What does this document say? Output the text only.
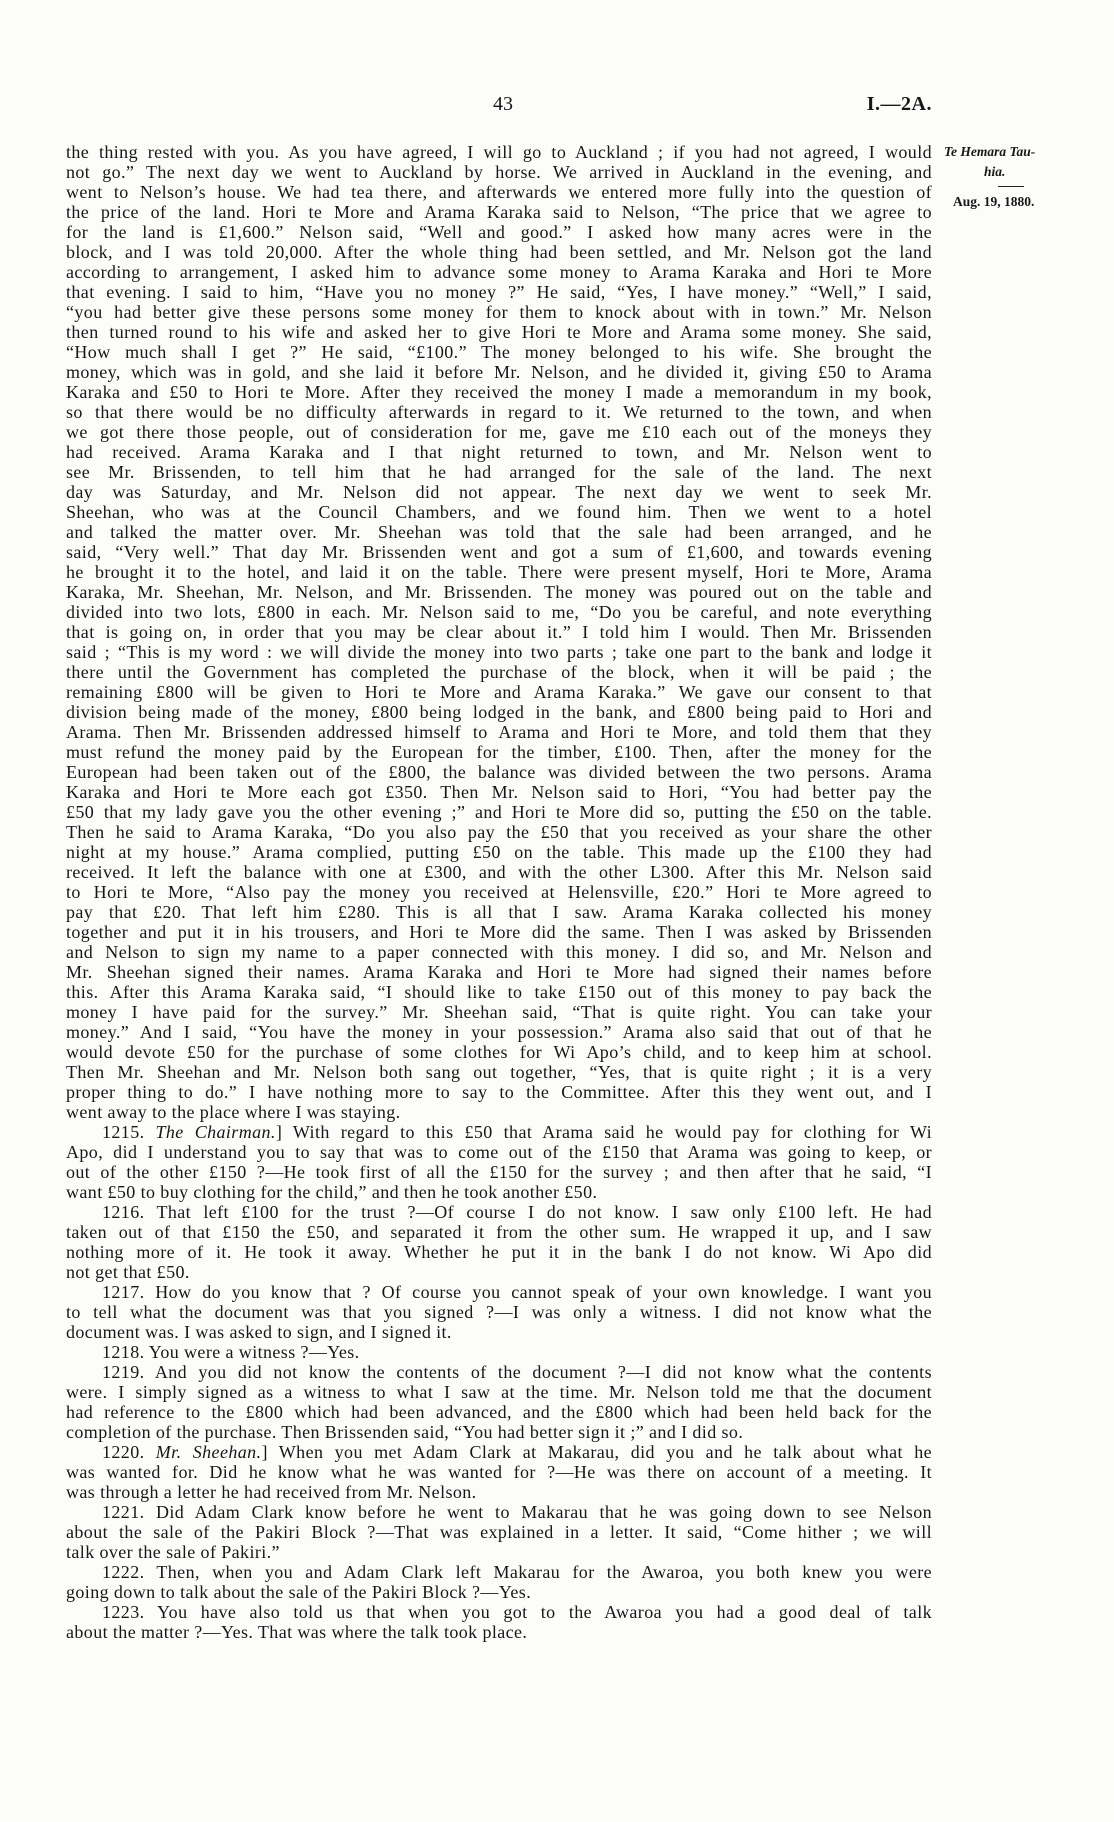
43	I.—2A.
Te Hemara Tau-
hia.
Aug. 19, 1880.
the thing rested with you. As you have agreed, I will go to Auckland ; if you had not agreed, I would
not go.” The next day we went to Auckland by horse. We arrived in Auckland in the evening, and
went to Nelson’s house. We had tea there, and afterwards we entered more fully into the question of
the price of the land. Hori te More and Arama Karaka said to Nelson, “The price that we agree to
for the land is £1,600.” Nelson said, “Well and good.” I asked how many acres were in the
block, and I was told 20,000. After the whole thing had been settled, and Mr. Nelson got the land
according to arrangement, I asked him to advance some money to Arama Karaka and Hori te More
that evening. I said to him, “Have you no money ?” He said, “Yes, I have money.” “Well,” I said,
“you had better give these persons some money for them to knock about with in town.” Mr. Nelson
then turned round to his wife and asked her to give Hori te More and Arama some money. She said,
“How much shall I get ?” He said, “£100.” The money belonged to his wife. She brought the
money, which was in gold, and she laid it before Mr. Nelson, and he divided it, giving £50 to Arama
Karaka and £50 to Hori te More. After they received the money I made a memorandum in my book,
so that there would be no difficulty afterwards in regard to it. We returned to the town, and when
we got there those people, out of consideration for me, gave me £10 each out of the moneys they
had received. Arama Karaka and I that night returned to town, and Mr. Nelson went to
see Mr. Brissenden, to tell him that he had arranged for the sale of the land. The next
day was Saturday, and Mr. Nelson did not appear. The next day we went to seek Mr.
Sheehan, who was at the Council Chambers, and we found him. Then we went to a hotel
and talked the matter over. Mr. Sheehan was told that the sale had been arranged, and he
said, “Very well.” That day Mr. Brissenden went and got a sum of £1,600, and towards evening
he brought it to the hotel, and laid it on the table. There were present myself, Hori te More, Arama
Karaka, Mr. Sheehan, Mr. Nelson, and Mr. Brissenden. The money was poured out on the table and
divided into two lots, £800 in each. Mr. Nelson said to me, “Do you be careful, and note everything
that is going on, in order that you may be clear about it.” I told him I would. Then Mr. Brissenden
said ; “This is my word : we will divide the money into two parts ; take one part to the bank and lodge it
there until the Government has completed the purchase of the block, when it will be paid ; the
remaining £800 will be given to Hori te More and Arama Karaka.” We gave our consent to that
division being made of the money, £800 being lodged in the bank, and £800 being paid to Hori and
Arama. Then Mr. Brissenden addressed himself to Arama and Hori te More, and told them that they
must refund the money paid by the European for the timber, £100. Then, after the money for the
European had been taken out of the £800, the balance was divided between the two persons. Arama
Karaka and Hori te More each got £350. Then Mr. Nelson said to Hori, “You had better pay the
£50 that my lady gave you the other evening ;” and Hori te More did so, putting the £50 on the table.
Then he said to Arama Karaka, “Do you also pay the £50 that you received as your share the other
night at my house.” Arama complied, putting £50 on the table. This made up the £100 they had
received. It left the balance with one at £300, and with the other L300. After this Mr. Nelson said
to Hori te More, “Also pay the money you received at Helensville, £20.” Hori te More agreed to
pay that £20. That left him £280. This is all that I saw. Arama Karaka collected his money
together and put it in his trousers, and Hori te More did the same. Then I was asked by Brissenden
and Nelson to sign my name to a paper connected with this money. I did so, and Mr. Nelson and
Mr. Sheehan signed their names. Arama Karaka and Hori te More had signed their names before
this. After this Arama Karaka said, “I should like to take £150 out of this money to pay back the
money I have paid for the survey.” Mr. Sheehan said, “That is quite right. You can take your
money.” And I said, “You have the money in your possession.” Arama also said that out of that he
would devote £50 for the purchase of some clothes for Wi Apo’s child, and to keep him at school.
Then Mr. Sheehan and Mr. Nelson both sang out together, “Yes, that is quite right ; it is a very
proper thing to do.” I have nothing more to say to the Committee. After this they went out, and I
went away to the place where I was staying.
1215. The Chairman.] With regard to this £50 that Arama said he would pay for clothing for Wi
Apo, did I understand you to say that was to come out of the £150 that Arama was going to keep, or
out of the other £150 ?—He took first of all the £150 for the survey ; and then after that he said, “I
want £50 to buy clothing for the child,” and then he took another £50.
1216. That left £100 for the trust ?—Of course I do not know. I saw only £100 left. He had
taken out of that £150 the £50, and separated it from the other sum. He wrapped it up, and I saw
nothing more of it. He took it away. Whether he put it in the bank I do not know. Wi Apo did
not get that £50.
1217. How do you know that ? Of course you cannot speak of your own knowledge. I want you
to tell what the document was that you signed ?—I was only a witness. I did not know what the
document was. I was asked to sign, and I signed it.
1218. You were a witness ?—Yes.
1219. And you did not know the contents of the document ?—I did not know what the contents
were. I simply signed as a witness to what I saw at the time. Mr. Nelson told me that the document
had reference to the £800 which had been advanced, and the £800 which had been held back for the
completion of the purchase. Then Brissenden said, “You had better sign it ;” and I did so.
1220. Mr. Sheehan.] When you met Adam Clark at Makarau, did you and he talk about what he
was wanted for. Did he know what he was wanted for ?—He was there on account of a meeting. It
was through a letter he had received from Mr. Nelson.
1221. Did Adam Clark know before he went to Makarau that he was going down to see Nelson
about the sale of the Pakiri Block ?—That was explained in a letter. It said, “Come hither ; we will
talk over the sale of Pakiri.”
1222. Then, when you and Adam Clark left Makarau for the Awaroa, you both knew you were
going down to talk about the sale of the Pakiri Block ?—Yes.
1223. You have also told us that when you got to the Awaroa you had a good deal of talk
about the matter ?—Yes. That was where the talk took place.
